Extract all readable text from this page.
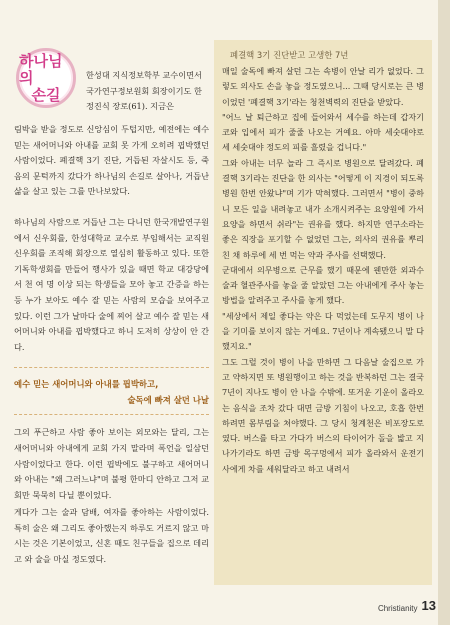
하나님의
손길

한성대 지식정보학부 교수이면서 국가연구정보원회 회장이기도 한 정진식 장로(61). 지금은

림박을 받을 정도로 신앙심이 두텁지만, 예전에는 예수 믿는 새어머니와 아내를 교회 못 가게 오히려 핍박했던 사람이었다. 폐결핵 3기 진단, 거듭된 자살시도 등, 죽음의 문턱까지 갔다가 하나님의 손길로 살아나, 거듭난 삶을 살고 있는 그를 만나보았다.

하나님의 사람으로 거듭난 그는 다니던 한국개발연구원에서 신우회를, 한성대학교 교수로 부임해서는 교직원 신우회를 조직해 회장으로 열심히 활동하고 있다. 또한 기독학생회를 만들어 행사가 있을 때면 학교 대강당에서 천 여 명 이상 되는 학생들을 모아 놓고 간증을 하는 등 누가 보아도 예수 잘 믿는 사람의 모습을 보여주고 있다. 이런 그가 날마다 술에 찌어 살고 예수 잘 믿는 새어머니와 아내를 핍박했다고 하니 도저히 상상이 안 간다.

예수 믿는 새어머니와 아내를 핍박하고,

술독에 빠져 살던 나날

그의 푸근하고 사람 좋아 보이는 외모와는 달리, 그는 새어머니와 아내에게 교회 가지 말라며 폭언을 일삼던 사람이었다고 한다. 이런 핍박에도 불구하고 새어머니와 아내는 "왜 그러느냐"며 불평 한마디 안하고 그저 교회만 묵묵히 다닐 뿐이었다.

게다가 그는 술과 담배, 여자를 좋아하는 사람이었다. 특히 술은 왜 그리도 좋아했는지 하루도 거르지 않고 마시는 것은 기본이었고, 신혼 때도 친구들을 집으로 데리고 와 술을 마실 정도였다.

폐결핵 3기 진단받고 고생한 7년

매일 술독에 빠져 살던 그는 속병이 안날 리가 없었다. 그렇도 의사도 손을 놓을 정도였으니... 그때 당시로는 큰 병이었던 '폐결핵 3기'라는 청천벽력의 진단을 받았다.

"어느 날 퇴근하고 집에 들어와서 세수를 하는데 갑자기 코와 입에서 피가 줄줄 나오는 거예요. 아마 세숫대야로 세 세숫대야 정도의 피를 흘렸을 겁니다."

그와 아내는 너무 놀라 그 즉시로 병원으로 달려갔다. 폐결핵 3기라는 진단을 한 의사는 "어떻게 이 지경이 되도록 병원 한번 안왔냐"며 기가 막혀했다. 그러면서 "병이 중하니 모든 일을 내려놓고 내가 소개시켜주는 요양원에 가서 요양을 하면서 쉬라"는 권유를 했다. 하지만 연구소라는 좋은 직장을 포기할 수 없었던 그는, 의사의 권유를 뿌리친 채 하루에 세 번 먹는 약과 주사를 선택했다.

군대에서 의무병으로 근무를 했기 때문에 웬만한 외과수술과 혈관주사를 놓을 줄 알았던 그는 아내에게 주사 놓는 방법을 알려주고 주사를 놓게 했다.

"세상에서 제일 좋다는 약은 다 먹었는데 도무지 병이 나을 기미를 보이지 않는 거예요. 7년이나 계속됐으니 말 다했지요."

그도 그럴 것이 병이 나을 만하면 그 다음날 술집으로 가고 약하지면 또 병원행이고 하는 것을 반복하던 그는 결국 7년이 지나도 병이 안 나을 수밖에. 또거운 기운이 올라오는 음식을 조차 갔다 대면 금방 기침이 나오고, 호흡 한번 하려면 몸부림을 쳐야했다. 그 당시 청계천은 비포장도로였다. 버스를 타고 가다가 버스의 타이어가 돌을 밟고 지나가기라도 하면 금방 목구멍에서 피가 올라와서 운전기사에게 차를 세워달라고 하고 내려서

Christianity 13
